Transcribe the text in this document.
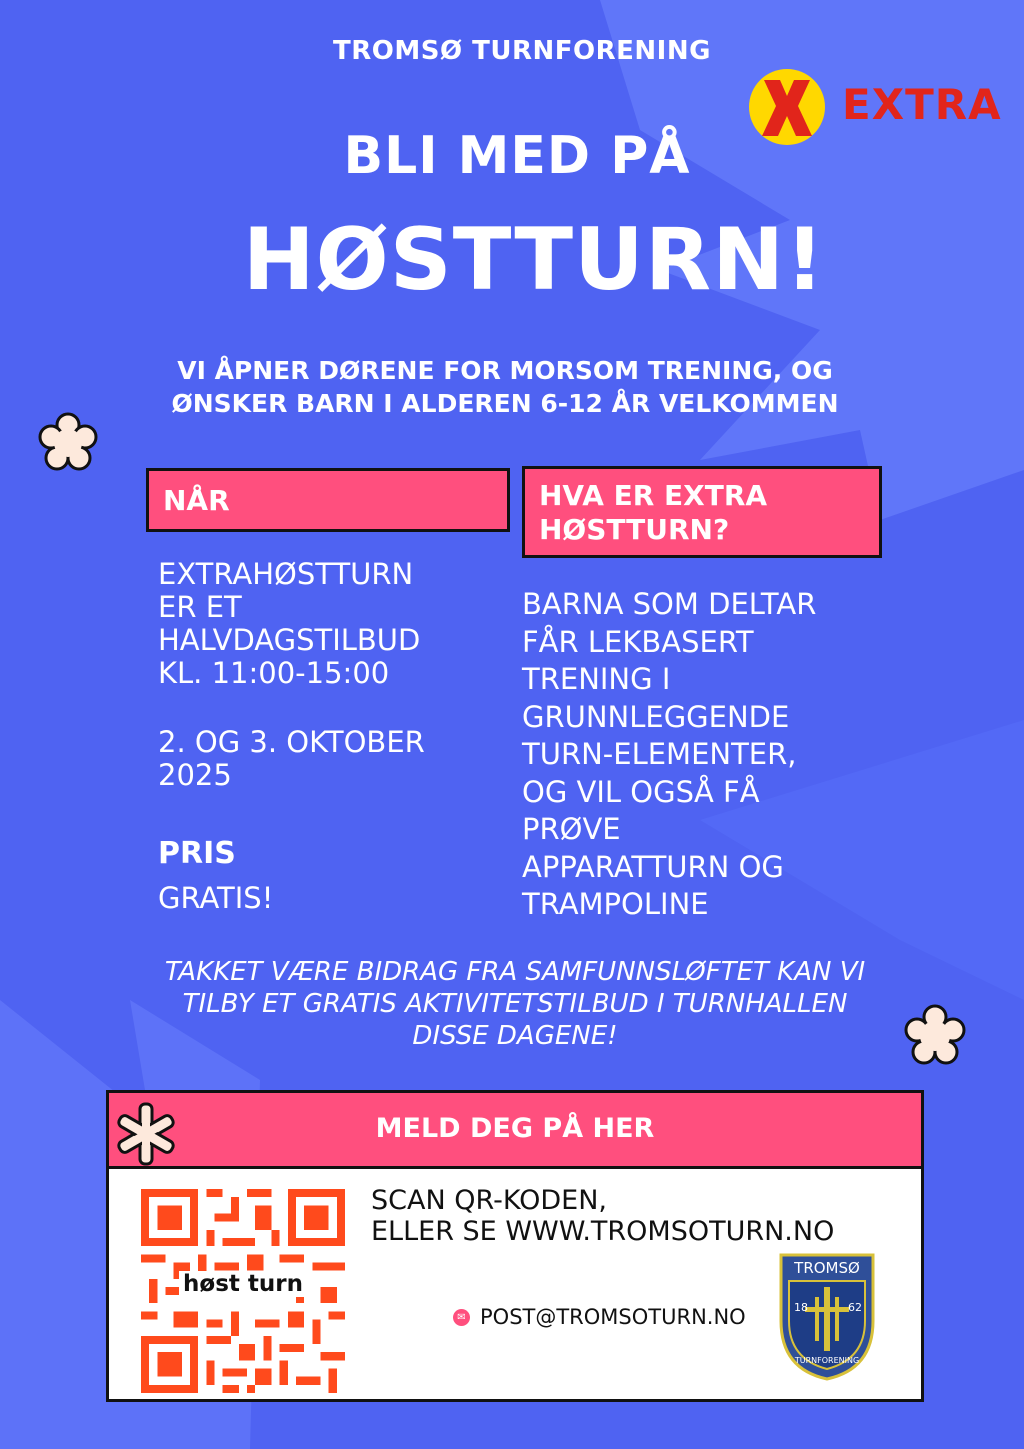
TROMSØ TURNFORENING
EXTRA
BLI MED PÅ
HØSTTURN!
VI ÅPNER DØRENE FOR MORSOM TRENING, OG
ØNSKER BARN I ALDEREN 6-12 ÅR VELKOMMEN
NÅR
EXTRAHØSTTURN
ER ET
HALVDAGSTILBUD
KL. 11:00-15:00
2. OG 3. OKTOBER
2025
PRIS
GRATIS!
HVA ER EXTRA
HØSTTURN?
BARNA SOM DELTAR
FÅR LEKBASERT
TRENING I
GRUNNLEGGENDE
TURN-ELEMENTER,
OG VIL OGSÅ FÅ
PRØVE
APPARATTURN OG
TRAMPOLINE
TAKKET VÆRE BIDRAG FRA SAMFUNNSLØFTET KAN VI
TILBY ET GRATIS AKTIVITETSTILBUD I TURNHALLEN
DISSE DAGENE!
MELD DEG PÅ HER
høst turn
SCAN QR-KODEN,
ELLER SE WWW.TROMSOTURN.NO
✉ POST@TROMSOTURN.NO
TROMSØ
18	62
TURNFORENING
